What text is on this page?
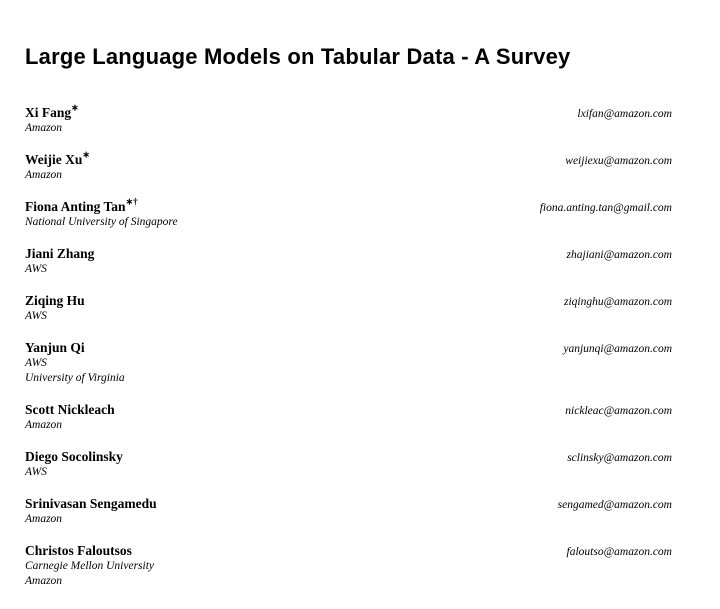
Large Language Models on Tabular Data - A Survey
Xi Fang∗
Amazon
lxifan@amazon.com
Weijie Xu∗
Amazon
weijiexu@amazon.com
Fiona Anting Tan∗†
National University of Singapore
fiona.anting.tan@gmail.com
Jiani Zhang
AWS
zhajiani@amazon.com
Ziqing Hu
AWS
ziqinghu@amazon.com
Yanjun Qi
AWS
University of Virginia
yanjunqi@amazon.com
Scott Nickleach
Amazon
nickleac@amazon.com
Diego Socolinsky
AWS
sclinsky@amazon.com
Srinivasan Sengamedu
Amazon
sengamed@amazon.com
Christos Faloutsos
Carnegie Mellon University
Amazon
faloutso@amazon.com
